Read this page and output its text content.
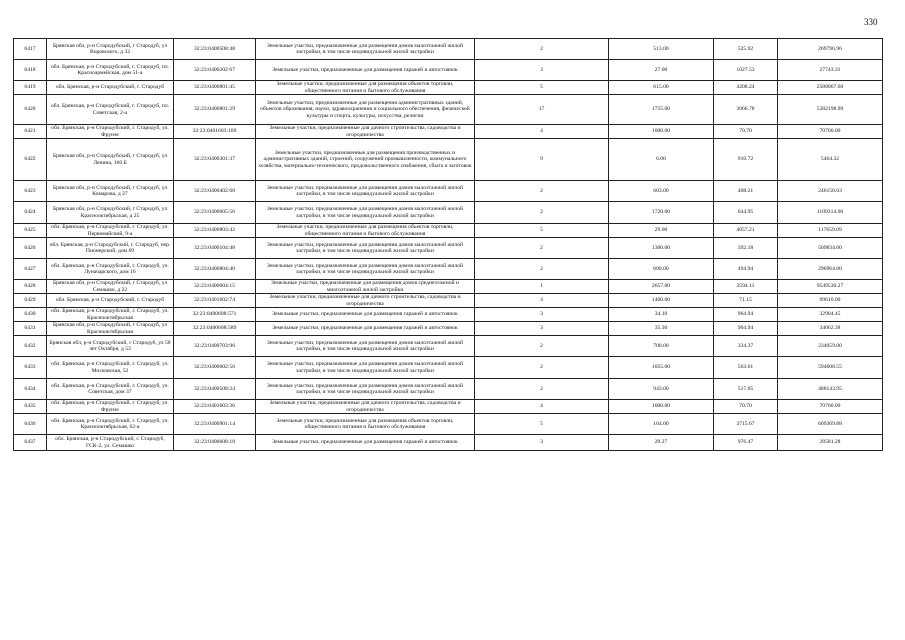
330
6417	Брянская обл, р-н Стародубский, г Стародуб, ул Воровского, д 32	32:23:0400508:48	Земельные участки, предназначенные для размещения домов малоэтажной жилой застройки, в том числе индивидуальной жилой застройки	2	513.00	525.92	269796.96
6418	обл. Брянская, р-н Стародубский, г. Стародуб, пл. Красноармейская, дом 51-а	32:23:0400202:67	Земельные участки, предназначенные для размещения гаражей и автостоянок	3	27.00	1027.53	27743.31
6419	обл. Брянская, р-н Стародубский, г. Стародуб	32:23:0400801:45	Земельные участки, предназначенные для размещения объектов торговли, общественного питания и бытового обслуживания	5	615.00	4208.24	2588067.60
6420	обл. Брянская, р-н Стародубский, г. Стародуб, пл. Советская, 2-а	32:23:0400801:29	Земельные участки, предназначенные для размещения административных зданий, объектов образования, науки, здравоохранения и социального обеспечения, физической культуры и спорта, культуры, искусства, религии	17	1755.00	3066.78	5382198.90
6421	обл. Брянская, р-н Стародубский, г. Стародуб, ул. Фрунзе	32:23:0401603:109	Земельные участки, предназначенные для дачного строительства, садоводства и огородничества	4	1000.00	70.70	70700.00
6422	Брянская обл, р-н Стародубский, г Стародуб, ул Ленина, 160 Б	32:23:0400301:37	Земельные участки, предназначенные для размещения производственных и административных зданий, строений, сооружений промышленности, коммунального хозяйства, материально-технического, продовольственного снабжения, сбыта и заготовок	9	6.00	910.72	5464.32
6423	Брянская обл, р-н Стародубский, г Стародуб, ул Комарова, д 27	32:23:0400402:68	Земельные участки, предназначенные для размещения домов малоэтажной жилой застройки, в том числе индивидуальной жилой застройки	2	603.00	408.21	246150.63
6424	Брянская обл, р-н Стародубский, г Стародуб, ул Краснооктябрьская, д 25	32:23:0400605:56	Земельные участки, предназначенные для размещения домов малоэтажной жилой застройки, в том числе индивидуальной жилой застройки	2	1720.00	644.95	1109314.00
6425	обл. Брянская, р-н Стародубский, г. Стародуб, ул. Первомайский, 9-а	32:23:0400803:42	Земельные участки, предназначенные для размещения объектов торговли, общественного питания и бытового обслуживания	5	29.00	4057.21	117659.09
6426	обл. Брянская, р-н Стародубский, г. Стародуб, пер. Пионерский, дом 69	32:23:0400104:48	Земельные участки, предназначенные для размещения домов малоэтажной жилой застройки, в том числе индивидуальной жилой застройки	2	1300.00	392.18	509834.00
6427	обл. Брянская, р-н Стародубский, г. Стародуб, ул. Луначарского, дом 16	32:23:0400804:40	Земельные участки, предназначенные для размещения домов малоэтажной жилой застройки, в том числе индивидуальной жилой застройки	2	600.00	494.94	296964.00
6428	Брянская обл, р-н Стародубский, г Стародуб, ул Семашко, д 22	32:23:0400604:15	Земельные участки, предназначенные для размещения домов среднеэтажной и многоэтажной жилой застройки	1	2657.00	3594.11	9549530.27
6429	обл. Брянская, р-н Стародубский, г. Стародуб	32:23:0401602:74	Земельные участки, предназначенные для дачного строительства, садоводства и огородничества	4	1400.00	71.15	99610.00
6430	обл. Брянская, р-н Стародубский, г. Стародуб, ул. Краснооктябрьская	32:23:0400608:571	Земельные участки, предназначенные для размещения гаражей и автостоянок	3	34.10	964.94	32904.45
6431	Брянская обл, р-н Стародубский, г Стародуб, ул Краснооктябрьская	32:23:0400608:589	Земельные участки, предназначенные для размещения гаражей и автостоянок	3	35.30	964.94	34062.38
6432	Брянская обл, р-н Стародубский, г Стародуб, ул 50 лет Октября, д 53	32:23:0400703:96	Земельные участки, предназначенные для размещения домов малоэтажной жилой застройки, в том числе индивидуальной жилой застройки	2	700.00	334.37	234059.00
6433	обл. Брянская, р-н Стародубский, г. Стародуб, ул. Московская, 52	32:23:0400602:56	Земельные участки, предназначенные для размещения домов малоэтажной жилой застройки, в том числе индивидуальной жилой застройки	2	1055.00	563.61	594608.55
6434	обл. Брянская, р-н Стародубский, г. Стародуб, ул. Советская, дом 37	32:23:0400508:24	Земельные участки, предназначенные для размещения домов малоэтажной жилой застройки, в том числе индивидуальной жилой застройки	2	943.00	517.65	488143.95
6435	обл. Брянская, р-н Стародубский, г. Стародуб, ул. Фрунзе	32:23:0401603:36	Земельные участки, предназначенные для дачного строительства, садоводства и огородничества	4	1000.00	70.70	70700.00
6436	обл. Брянская, р-н Стародубский, г. Стародуб, ул. Краснооктябрьская, 62-а	32:23:0400901:14	Земельные участки, предназначенные для размещения объектов торговли, общественного питания и бытового обслуживания	5	164.00	3715.67	609369.88
6437	обл. Брянская, р-н Стародубский, г. Стародуб, ГСК-2, ул. Семашко	32:23:0400608:18	Земельные участки, предназначенные для размещения гаражей и автостоянок	3	29.27	976.47	28581.28
